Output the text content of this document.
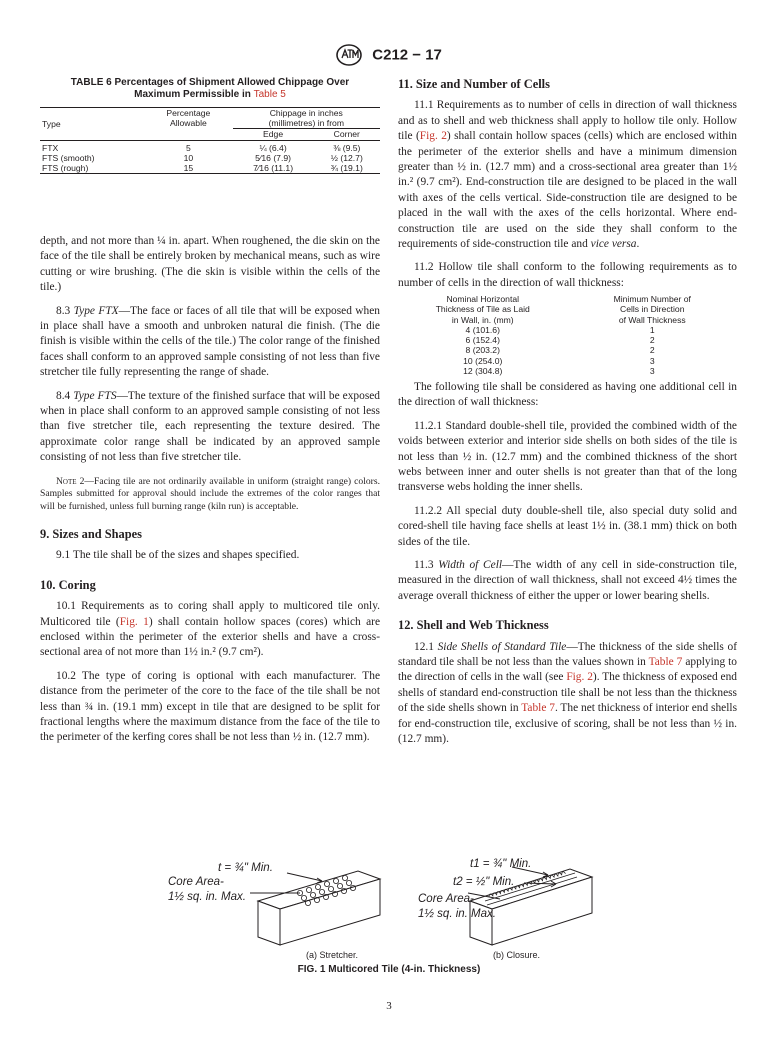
C212 − 17
TABLE 6 Percentages of Shipment Allowed Chippage Over
Maximum Permissible in Table 5
Type	Percentage
Allowable	Chippage in inches
(millimetres) in from	
		Edge	Corner
FTX	5	¼ (6.4)	⅜ (9.5)
FTS (smooth)	10	5⁄16 (7.9)	½ (12.7)
FTS (rough)	15	7⁄16 (11.1)	¾ (19.1)

depth, and not more than ¼ in. apart. When roughened, the die skin on the face of the tile shall be entirely broken by mechanical means, such as wire cutting or wire brushing. (The die skin is visible within the cells of the tile.)

8.3 Type FTX—The face or faces of all tile that will be exposed when in place shall have a smooth and unbroken natural die finish. (The die finish is visible within the cells of the tile.) The color range of the finished faces shall conform to an approved sample consisting of not less than five stretcher tile fully representing the range of shade.

8.4 Type FTS—The texture of the finished surface that will be exposed when in place shall conform to an approved sample consisting of not less than five stretcher tile, each representing the texture desired. The approximate color range shall be indicated by an approved sample consisting of not less than five stretcher tile.

Note 2—Facing tile are not ordinarily available in uniform (straight range) colors. Samples submitted for approval should include the extremes of the color ranges that will be furnished, unless full burning range (kiln run) is acceptable.

9. Sizes and Shapes

9.1 The tile shall be of the sizes and shapes specified.

10. Coring

10.1 Requirements as to coring shall apply to multicored tile only. Multicored tile (Fig. 1) shall contain hollow spaces (cores) which are enclosed within the perimeter of the exterior shells and have a cross-sectional area of not more than 1½ in.² (9.7 cm²).

10.2 The type of coring is optional with each manufacturer. The distance from the perimeter of the core to the face of the tile shall be not less than ¾ in. (19.1 mm) except in tile that are designed to be split for fractional lengths where the maximum distance from the face of the tile to the perimeter of the kerfing cores shall be not less than ½ in. (12.7 mm).

11. Size and Number of Cells

11.1 Requirements as to number of cells in direction of wall thickness and as to shell and web thickness shall apply to hollow tile only. Hollow tile (Fig. 2) shall contain hollow spaces (cells) which are enclosed within the perimeter of the exterior shells and have a minimum dimension greater than ½ in. (12.7 mm) and a cross-sectional area greater than 1½ in.² (9.7 cm²). End-construction tile are designed to be placed in the wall with axes of the cells vertical. Side-construction tile are designed to be placed in the wall with the axes of the cells horizontal. Where end-construction tile are used on the side they shall conform to the requirements of side-construction tile and vice versa.

11.2 Hollow tile shall conform to the following requirements as to number of cells in the direction of wall thickness:

Nominal Horizontal
Thickness of Tile as Laid
in Wall, in. (mm)	Minimum Number of
Cells in Direction
of Wall Thickness
4 (101.6)	1
6 (152.4)	2
8 (203.2)	2
10 (254.0)	3
12 (304.8)	3

The following tile shall be considered as having one additional cell in the direction of wall thickness:

11.2.1 Standard double-shell tile, provided the combined width of the voids between exterior and interior side shells on both sides of the tile is not less than ½ in. (12.7 mm) and the combined thickness of the short webs between inner and outer shells is not greater than that of the long transverse webs holding the inner shells.

11.2.2 All special duty double-shell tile, also special duty solid and cored-shell tile having face shells at least 1½ in. (38.1 mm) thick on both sides of the tile.

11.3 Width of Cell—The width of any cell in side-construction tile, measured in the direction of wall thickness, shall not exceed 4½ times the average overall thickness of either the upper or lower bearing shells.

12. Shell and Web Thickness

12.1 Side Shells of Standard Tile—The thickness of the side shells of standard tile shall be not less than the values shown in Table 7 applying to the direction of cells in the wall (see Fig. 2). The thickness of exposed end shells of standard end-construction tile shall be not less than the thickness of the side shells shown in Table 7. The net thickness of interior end shells for end-construction tile, exclusive of scoring, shall be not less than ½ in. (12.7 mm).

t = ¾" Min.
Core Area-
1½ sq. in. Max.
(a) Stretcher.
t1 = ¾" Min.
t2 = ½" Min.
Core Area-
1½ sq. in. Max.
(b) Closure.
FIG. 1 Multicored Tile (4-in. Thickness)
3
